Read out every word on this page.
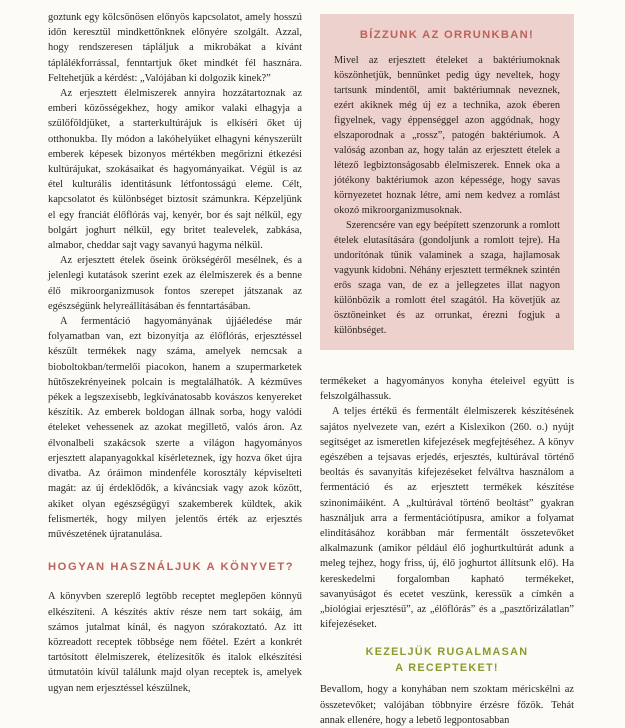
goztunk egy kölcsönösen előnyös kapcsolatot, amely hosszú időn keresztül mindkettőnknek előnyére szolgált. Azzal, hogy rendszeresen tápláljuk a mikrobákat a kívánt táplálékforrással, fenntartjuk őket mindkét fél hasznára. Feltehetjük a kérdést: „Valójában ki dolgozik kinek?”

Az erjesztett élelmiszerek annyira hozzátartoznak az emberi közösségekhez, hogy amikor valaki elhagyja a szülőföldjüket, a starterkultúrájuk is elkíséri őket új otthonukba. Ily módon a lakóhelyüket elhagyni kényszerült emberek képesek bizonyos mértékben megőrizni étkezési kultúrájukat, szokásaikat és hagyományaikat. Végül is az étel kulturális identitásunk létfontosságú eleme. Célt, kapcsolatot és különbséget biztosít számunkra. Képzeljünk el egy franciát élőflórás vaj, kenyér, bor és sajt nélkül, egy bolgárt joghurt nélkül, egy britet tealevelek, zabkása, almabor, cheddar sajt vagy savanyú hagyma nélkül.

Az erjesztett ételek őseink örökségéről mesélnek, és a jelenlegi kutatások szerint ezek az élelmiszerek és a benne élő mikroorganizmusok fontos szerepet játszanak az egészségünk helyreállításában és fenntartásában.

A fermentáció hagyományának újjáéledése már folyamatban van, ezt bizonyítja az élőflórás, erjesztéssel készült termékek nagy száma, amelyek nemcsak a bioboltokban/termelői piacokon, hanem a szupermarketek hűtőszekrényeinek polcain is megtalálhatók. A kézműves pékek a legszexisebb, legkívánatosabb kovászos kenyereket készítik. Az emberek boldogan állnak sorba, hogy valódi ételeket vehessenek az azokat megillető, valós áron. Az élvonalbeli szakácsok szerte a világon hagyományos erjesztett alapanyagokkal kísérleteznek, így hozva őket újra divatba. Az óráimon mindenféle korosztály képviselteti magát: az új érdeklődők, a kíváncsiak vagy azok között, akiket olyan egészségügyi szakemberek küldtek, akik felismerték, hogy milyen jelentős érték az erjesztés művészetének újratanulása.

HOGYAN HASZNÁLJUK A KÖNYVET?

A könyvben szereplő legtöbb receptet meglepően könnyű elkészíteni. A készítés aktív része nem tart sokáig, ám számos jutalmat kínál, és nagyon szórakoztató. Az itt közreadott receptek többsége nem főétel. Ezért a konkrét tartósított élelmiszerek, ételízesítők és italok elkészítési útmutatóin kívül találunk majd olyan receptek is, amelyek ugyan nem erjesztéssel készülnek,

BÍZZUNK AZ ORRUNKBAN!

Mivel az erjesztett ételeket a baktériumoknak köszönhetjük, bennünket pedig úgy neveltek, hogy tartsunk mindentől, amit baktériumnak neveznek, ezért akiknek még új ez a technika, azok éberen figyelnek, vagy éppenséggel azon aggódnak, hogy elszaporodnak a „rossz”, patogén baktériumok. A valóság azonban az, hogy talán az erjesztett ételek a létező legbiztonságosabb élelmiszerek. Ennek oka a jótékony baktériumok azon képessége, hogy savas környezetet hoznak létre, ami nem kedvez a romlást okozó mikroorganizmusoknak.

Szerencsére van egy beépített szenzorunk a romlott ételek elutasítására (gondoljunk a romlott tejre). Ha undorítónak tűnik valaminek a szaga, hajlamosak vagyunk kidobni. Néhány erjesztett terméknek szintén erős szaga van, de ez a jellegzetes illat nagyon különbözik a romlott étel szagától. Ha követjük az ösztöneinket és az orrunkat, érezni fogjuk a különbséget.

termékeket a hagyományos konyha ételeivel együtt is felszolgálhassuk.

A teljes értékű és fermentált élelmiszerek készítésének sajátos nyelvezete van, ezért a Kislexikon (260. o.) nyújt segítséget az ismeretlen kifejezések megfejtéséhez. A könyv egészében a tejsavas erjedés, erjesztés, kultúrával történő beoltás és savanyítás kifejezéseket felváltva használom a fermentáció és az erjesztett termékek készítése szinonimáiként. A „kultúrával történő beoltást” gyakran használjuk arra a fermentációtípusra, amikor a folyamat elindításához korábban már fermentált összetevőket alkalmazunk (amikor például élő joghurtkultúrát adunk a meleg tejhez, hogy friss, új, élő joghurtot állítsunk elő). Ha kereskedelmi forgalomban kapható termékeket, savanyúságot és ecetet veszünk, keressük a címkén a „biológiai erjesztésű”, az „élőflórás” és a „pasztőrizálatlan” kifejezéseket.

KEZELJÜK RUGALMASAN
A RECEPTEKET!

Bevallom, hogy a konyhában nem szoktam méricskélni az összetevőket; valójában többnyire érzésre főzök. Tehát annak ellenére, hogy a lebető legpontosabban
